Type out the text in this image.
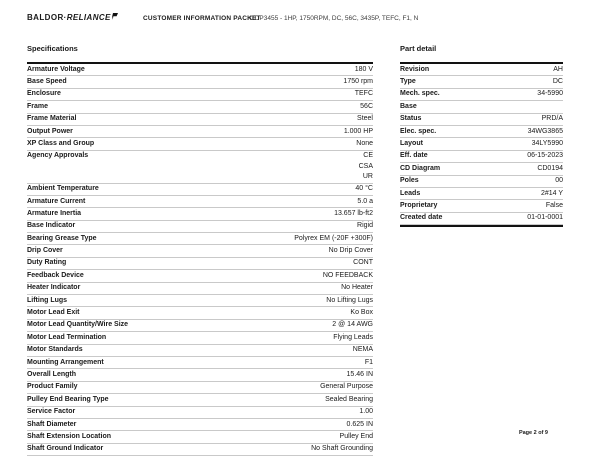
BALDOR·RELIANCE	CUSTOMER INFORMATION PACKET
CDP3455 - 1HP, 1750RPM, DC, 56C, 3435P, TEFC, F1, N
Specifications
Armature Voltage	180 V
Base Speed	1750 rpm
Enclosure	TEFC
Frame	56C
Frame Material	Steel
Output Power	1.000 HP
XP Class and Group	None
Agency Approvals	CE
CSA
UR
Ambient Temperature	40 °C
Armature Current	5.0 a
Armature Inertia	13.657 lb-ft2
Base Indicator	Rigid
Bearing Grease Type	Polyrex EM (-20F +300F)
Drip Cover	No Drip Cover
Duty Rating	CONT
Feedback Device	NO FEEDBACK
Heater Indicator	No Heater
Lifting Lugs	No Lifting Lugs
Motor Lead Exit	Ko Box
Motor Lead Quantity/Wire Size	2 @ 14 AWG
Motor Lead Termination	Flying Leads
Motor Standards	NEMA
Mounting Arrangement	F1
Overall Length	15.46 IN
Product Family	General Purpose
Pulley End Bearing Type	Sealed Bearing
Service Factor	1.00
Shaft Diameter	0.625 IN
Shaft Extension Location	Pulley End
Shaft Ground Indicator	No Shaft Grounding
Part detail
Revision	AH
Type	DC
Mech. spec.	34-5990
Base
Status	PRD/A
Elec. spec.	34WG3865
Layout	34LY5990
Eff. date	06-15-2023
CD Diagram	CD0194
Poles	00
Leads	2#14 Y
Proprietary	False
Created date	01-01-0001
Page 2 of 9
